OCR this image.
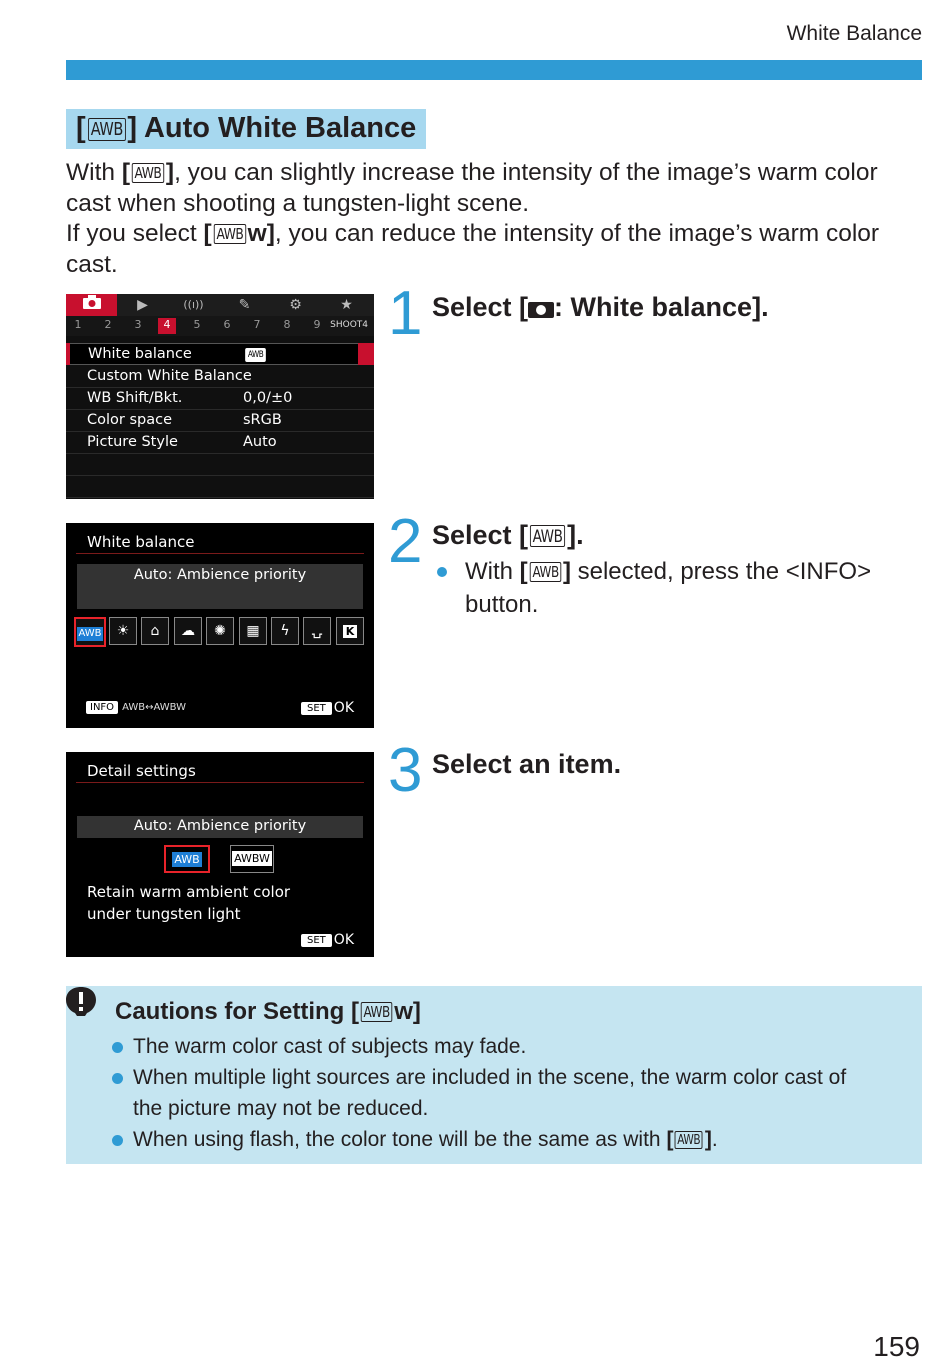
White Balance
[ AWB ] Auto White Balance

With [ AWB ], you can slightly increase the intensity of the image’s warm color

cast when shooting a tungsten-light scene.

If you select [ AWB w], you can reduce the intensity of the image’s warm color

cast.

▶	((ı))	✎	⚙	★
1	2	3	4	5	6	7	8	9	SHOOT4
White balance	AWB
Custom White Balance
WB Shift/Bkt.	0,0/±0
Color space	sRGB
Picture Style	Auto
White balance
Auto: Ambience priority
AWB	☀	⌂	☁	✺	▦	ϟ	⍽	K
INFO AWB↔AWBW	SET OK
Detail settings
Auto: Ambience priority
AWB	AWBW
Retain warm ambient color
under tungsten light
SET OK
1 Select [ : White balance].
2 Select [ AWB ].
With [ AWB ] selected, press the <INFO>
button.
3 Select an item.
Cautions for Setting [ AWB w]
The warm color cast of subjects may fade.
When multiple light sources are included in the scene, the warm color cast of
the picture may not be reduced.
When using flash, the color tone will be the same as with [ AWB ].
159
